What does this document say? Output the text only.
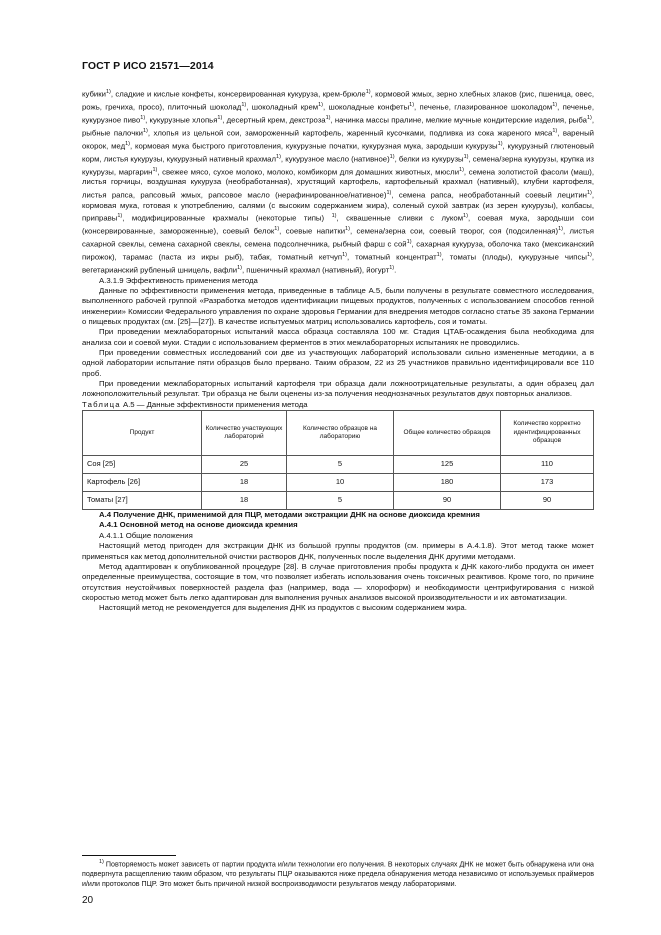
ГОСТ Р ИСО 21571—2014

кубики$^{1)}$, сладкие и кислые конфеты, консервированная кукуруза, крем-брюле$^{1)}$, кормовой жмых, зерно хлебных злаков (рис, пшеница, овес, рожь, гречиха, просо), плиточный шоколад$^{1)}$, шоколадный крем$^{1)}$, шоколадные конфеты$^{1)}$, печенье, глазированное шоколадом$^{1)}$, печенье, кукурузное пиво$^{1)}$, кукурузные хлопья$^{1)}$, десертный крем, декстроза$^{1)}$, начинка массы пралине, мелкие мучные кондитерские изделия, рыба$^{1)}$, рыбные палочки$^{1)}$, хлопья из цельной сои, замороженный картофель, жаренный кусочками, подливка из сока жареного мяса$^{1)}$, вареный окорок, мед$^{1)}$, кормовая мука быстрого приготовления, кукурузные початки, кукурузная мука, зародыши кукурузы$^{1)}$, кукурузный глютеновый корм, листья кукурузы, кукурузный нативный крахмал$^{1)}$, кукурузное масло (нативное)$^{1)}$, белки из кукурузы$^{1)}$, семена/зерна кукурузы, крупка из кукурузы, маргарин$^{1)}$, свежее мясо, сухое молоко, молоко, комбикорм для домашних животных, мюсли$^{1)}$, семена золотистой фасоли (маш), листья горчицы, воздушная кукуруза (необработанная), хрустящий картофель, картофельный крахмал (нативный), клубни картофеля, листья рапса, рапсовый жмых, рапсовое масло (нерафинированное/нативное)$^{1)}$, семена рапса, необработанный соевый лецитин$^{1)}$, кормовая мука, готовая к употреблению, салями (с высоким содержанием жира), соленый сухой завтрак (из зерен кукурузы), колбасы, приправы$^{1)}$, модифицированные крахмалы (некоторые типы) $^{1)}$, сквашенные сливки с луком$^{1)}$, соевая мука, зародыши сои (консервированные, замороженные), соевый белок$^{1)}$, соевые напитки$^{1)}$, семена/зерна сои, соевый творог, соя (подсиленная)$^{1)}$, листья сахарной свеклы, семена сахарной свеклы, семена подсолнечника, рыбный фарш с сой$^{1)}$, сахарная кукуруза, оболочка тако (мексиканский пирожок), тарамас (паста из икры рыб), табак, томатный кетчуп$^{1)}$, томатный концентрат$^{1)}$, томаты (плоды), кукурузные чипсы$^{1)}$, вегетарианский рубленый шницель, вафли$^{1)}$, пшеничный крахмал (нативный), йогурт$^{1)}$.

A.3.1.9 Эффективность применения метода

Данные по эффективности применения метода, приведенные в таблице А.5, были получены в результате совместного исследования, выполненного рабочей группой «Разработка методов идентификации пищевых продуктов, полученных с использованием способов генной инженерии» Комиссии Федерального управления по охране здоровья Германии для внедрения методов согласно статье 35 закона Германии о пищевых продуктах (см. [25]—[27]). В качестве испытуемых матриц использовались картофель, соя и томаты.

При проведении межлабораторных испытаний масса образца составляла 100 мг. Стадия ЦТАБ-осаждения была необходима для анализа сои и соевой муки. Стадии с использованием ферментов в этих межлабораторных испытаниях не проводились.

При проведении совместных исследований сои две из участвующих лабораторий использовали сильно измененные методики, а в одной лаборатории испытание пяти образцов было прервано. Таким образом, 22 из 25 участников правильно идентифицировали все 110 проб.

При проведении межлабораторных испытаний картофеля три образца дали ложноотрицательные результаты, а один образец дал ложноположительный результат. Три образца не были оценены из-за получения неоднозначных результатов двух повторных анализов.

Таблица А.5 — Данные эффективности применения метода

Продукт	Количество участвующих лабораторий	Количество образцов на лабораторию	Общее количество образцов	Количество корректно идентифицированных образцов
Соя [25]	25	5	125	110
Картофель [26]	18	10	180	173
Томаты [27]	18	5	90	90

A.4 Получение ДНК, применимой для ПЦР, методами экстракции ДНК на основе диоксида кремния

A.4.1 Основной метод на основе диоксида кремния

A.4.1.1 Общие положения

Настоящий метод пригоден для экстракции ДНК из большой группы продуктов (см. примеры в А.4.1.8). Этот метод также может применяться как метод дополнительной очистки растворов ДНК, полученных после выделения ДНК другими методами.

Метод адаптирован к опубликованной процедуре [28]. В случае приготовления пробы продукта к ДНК какого-либо продукта он имеет определенные преимущества, состоящие в том, что позволяет избегать использования очень токсичных реактивов. Кроме того, по причине отсутствия неустойчивых поверхностей раздела фаз (например, вода — хлороформ) и необходимости центрифугирования с низкой скоростью метод может быть легко адаптирован для выполнения ручных анализов высокой производительности и их автоматизации.

Настоящий метод не рекомендуется для выделения ДНК из продуктов с высоким содержанием жира.

$^{1)}$ Повторяемость может зависеть от партии продукта и/или технологии его получения. В некоторых случаях ДНК не может быть обнаружена или она подвергнута расщеплению таким образом, что результаты ПЦР оказываются ниже предела обнаружения метода независимо от используемых праймеров и/или протоколов ПЦР. Это может быть причиной низкой воспроизводимости результатов между лабораториями.

20
